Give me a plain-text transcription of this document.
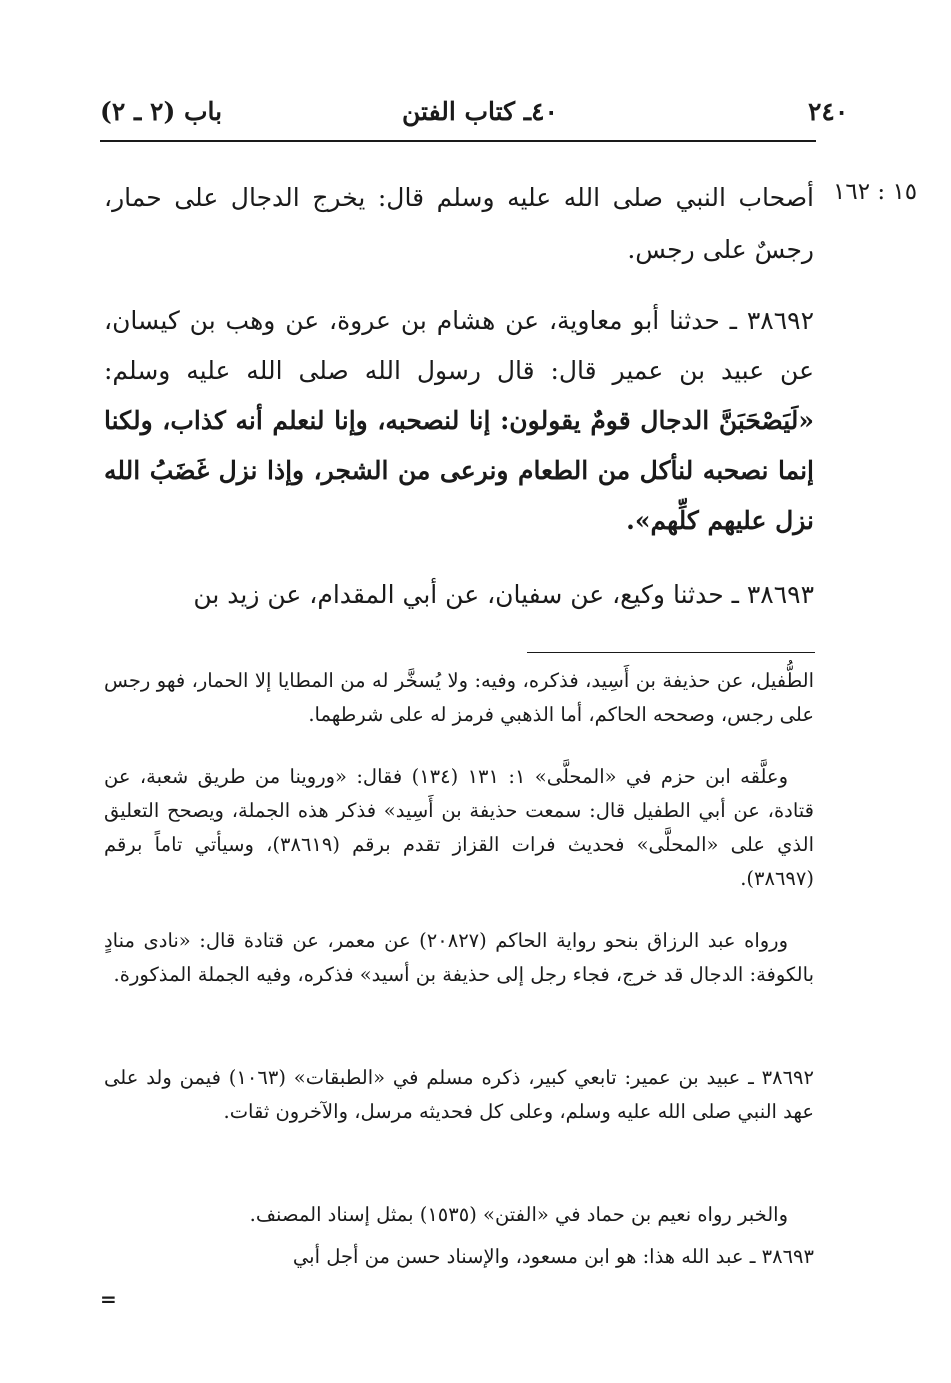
٢٤٠
٤٠ـ كتاب الفتن
باب (٢ ـ ٢)
١٥ : ١٦٢
أصحاب النبي صلى الله عليه وسلم قال: يخرج الدجال على حمار، رجسٌ على رجس.
٣٨٦٩٢ ـ حدثنا أبو معاوية، عن هشام بن عروة، عن وهب بن كيسان، عن عبيد بن عمير قال: قال رسول الله صلى الله عليه وسلم: «لَيَصْحَبَنَّ الدجال قومٌ يقولون: إنا لنصحبه، وإنا لنعلم أنه كذاب، ولكنا إنما نصحبه لنأكل من الطعام ونرعى من الشجر، وإذا نزل غَضَبُ الله نزل عليهم كلِّهم».
٣٨٦٩٣ ـ حدثنا وكيع، عن سفيان، عن أبي المقدام، عن زيد بن
الطُّفيل، عن حذيفة بن أَسِيد، فذكره، وفيه: ولا يُسخَّر له من المطايا إلا الحمار، فهو رجس على رجس، وصححه الحاكم، أما الذهبي فرمز له على شرطهما.
وعلَّقه ابن حزم في «المحلَّى» ١: ١٣١ (١٣٤) فقال: «وروينا من طريق شعبة، عن قتادة، عن أبي الطفيل قال: سمعت حذيفة بن أَسِيد» فذكر هذه الجملة، ويصحح التعليق الذي على «المحلَّى» فحديث فرات القزاز تقدم برقم (٣٨٦١٩)، وسيأتي تاماً برقم (٣٨٦٩٧).
ورواه عبد الرزاق بنحو رواية الحاكم (٢٠٨٢٧) عن معمر، عن قتادة قال: «نادى منادٍ بالكوفة: الدجال قد خرج، فجاء رجل إلى حذيفة بن أسيد» فذكره، وفيه الجملة المذكورة.
٣٨٦٩٢ ـ عبيد بن عمير: تابعي كبير، ذكره مسلم في «الطبقات» (١٠٦٣) فيمن ولد على عهد النبي صلى الله عليه وسلم، وعلى كل فحديثه مرسل، والآخرون ثقات.
والخبر رواه نعيم بن حماد في «الفتن» (١٥٣٥) بمثل إسناد المصنف.
٣٨٦٩٣ ـ عبد الله هذا: هو ابن مسعود، والإسناد حسن من أجل أبي
=
